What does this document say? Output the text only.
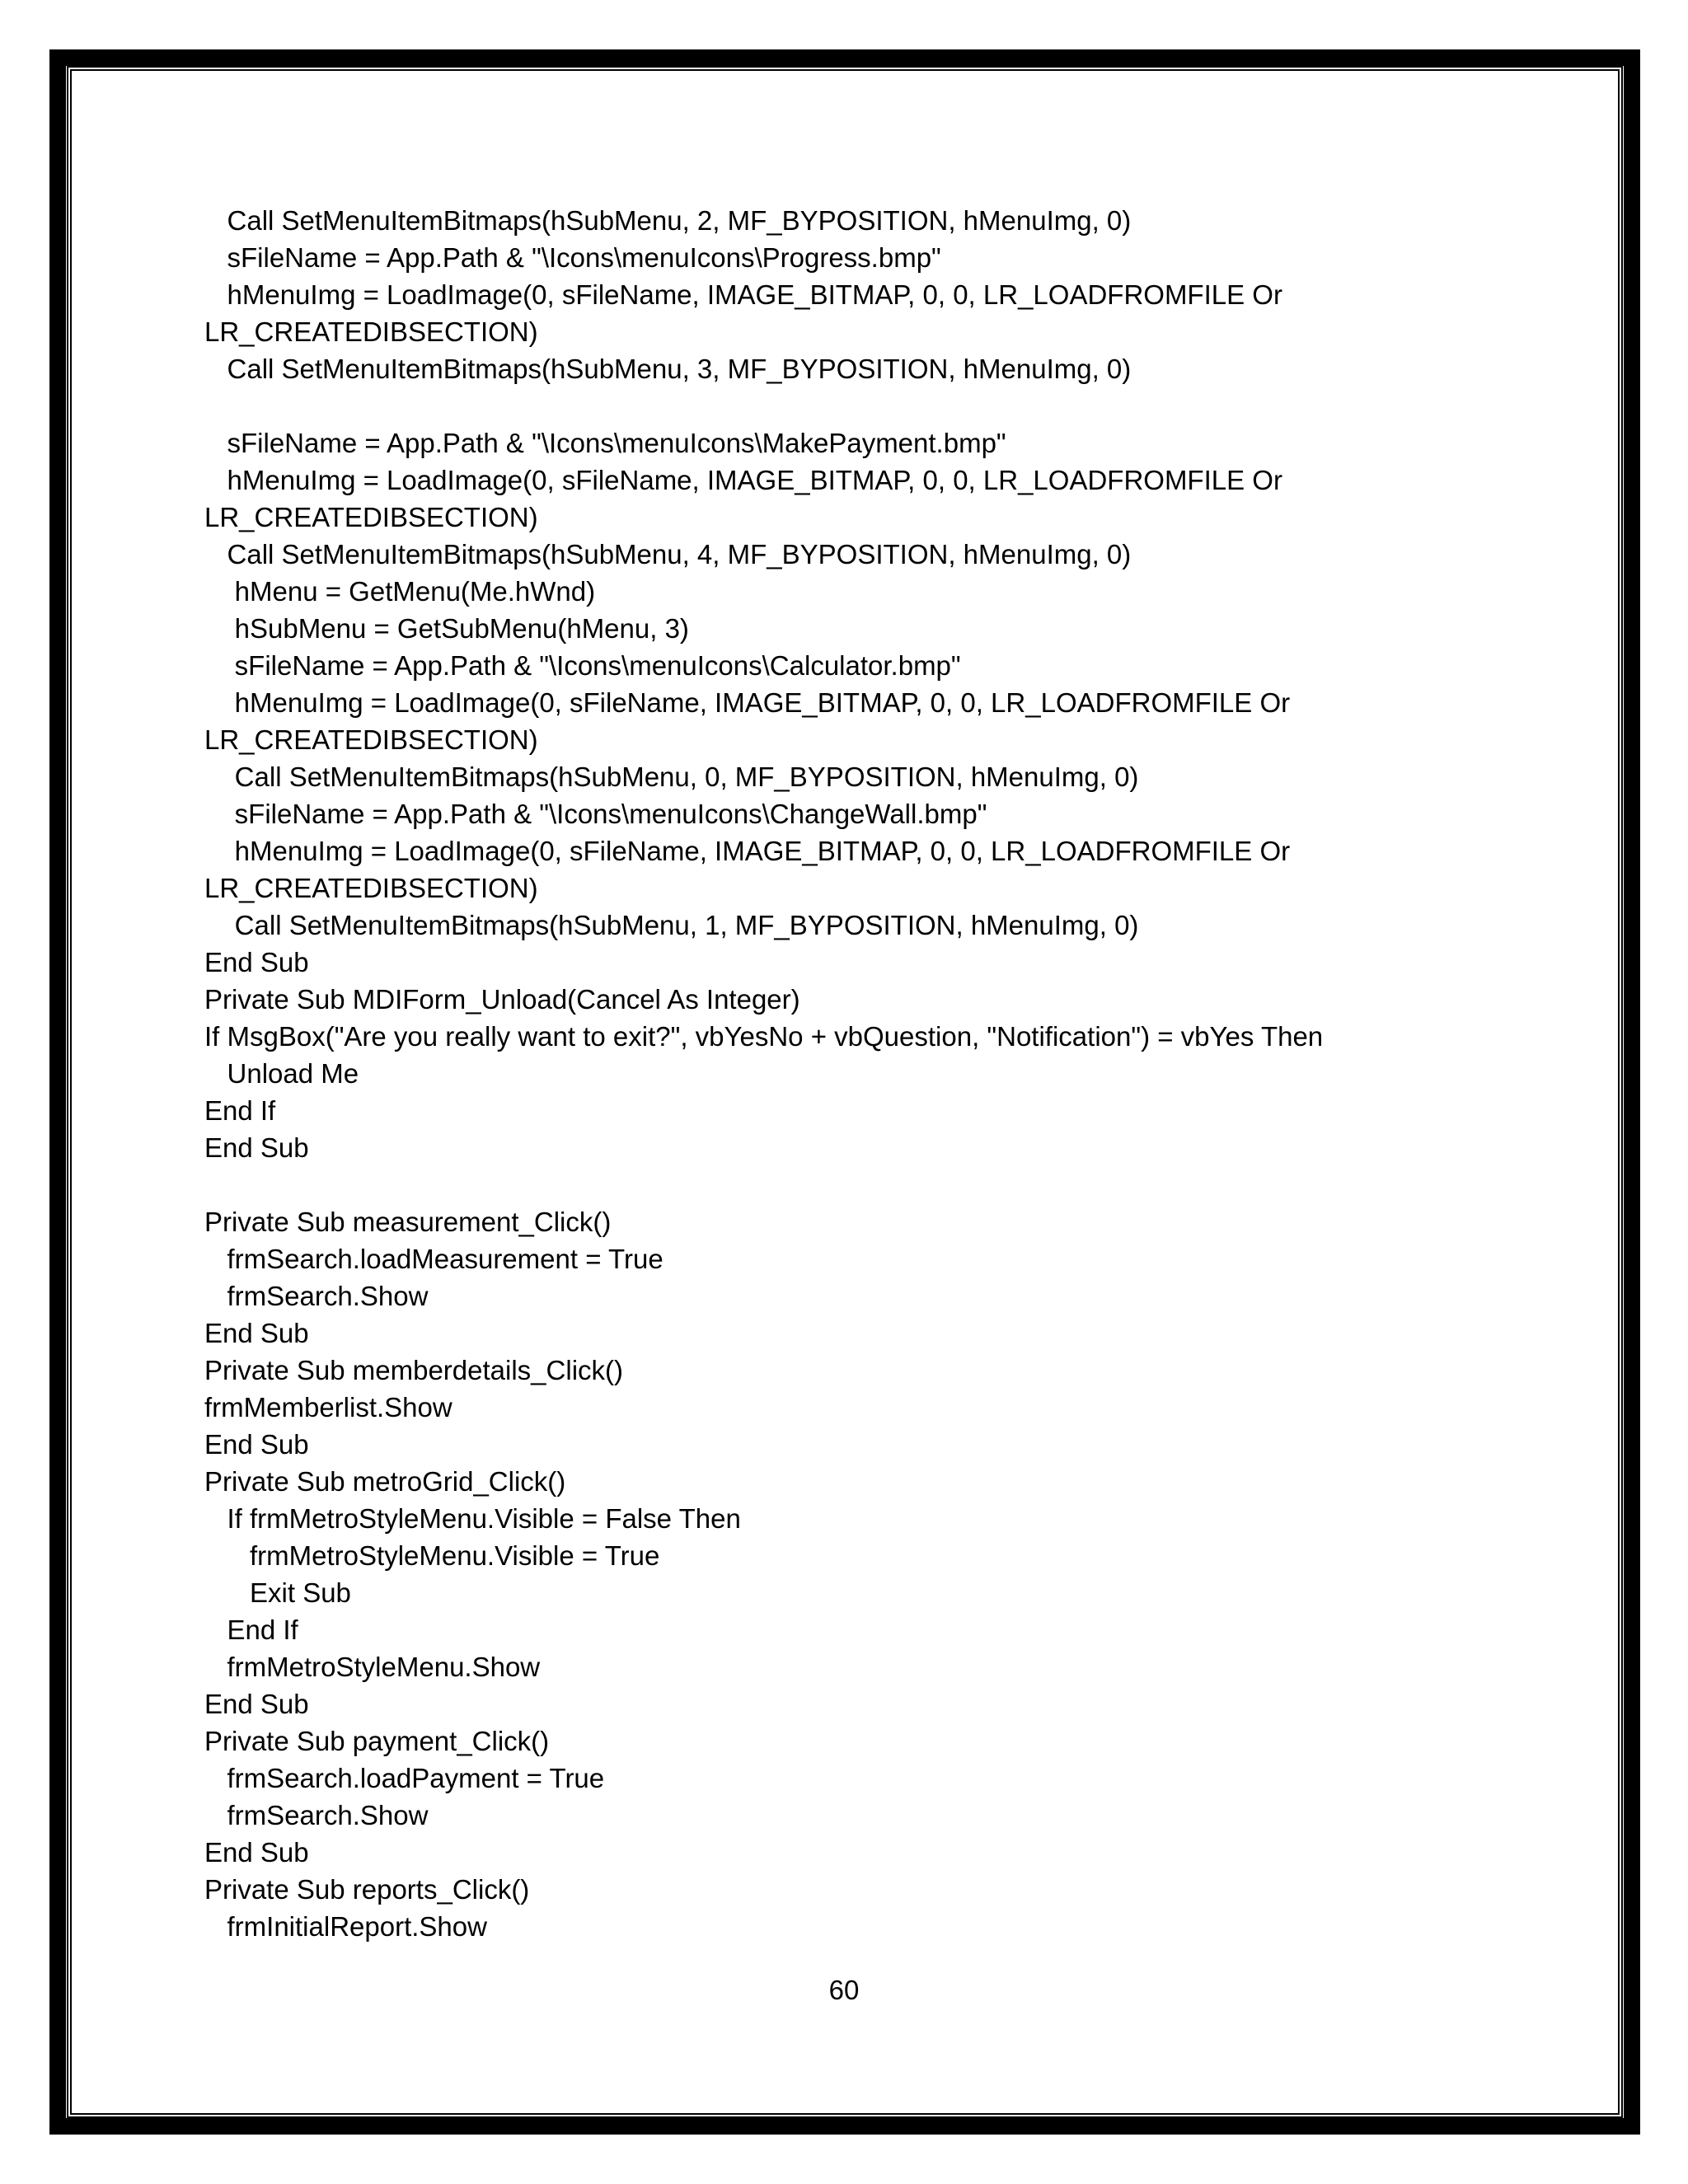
Call SetMenuItemBitmaps(hSubMenu, 2, MF_BYPOSITION, hMenuImg, 0)
sFileName = App.Path & "\Icons\menuIcons\Progress.bmp"
hMenuImg = LoadImage(0, sFileName, IMAGE_BITMAP, 0, 0, LR_LOADFROMFILE Or
LR_CREATEDIBSECTION)
Call SetMenuItemBitmaps(hSubMenu, 3, MF_BYPOSITION, hMenuImg, 0)
sFileName = App.Path & "\Icons\menuIcons\MakePayment.bmp"
hMenuImg = LoadImage(0, sFileName, IMAGE_BITMAP, 0, 0, LR_LOADFROMFILE Or
LR_CREATEDIBSECTION)
Call SetMenuItemBitmaps(hSubMenu, 4, MF_BYPOSITION, hMenuImg, 0)
hMenu = GetMenu(Me.hWnd)
hSubMenu = GetSubMenu(hMenu, 3)
sFileName = App.Path & "\Icons\menuIcons\Calculator.bmp"
hMenuImg = LoadImage(0, sFileName, IMAGE_BITMAP, 0, 0, LR_LOADFROMFILE Or
LR_CREATEDIBSECTION)
Call SetMenuItemBitmaps(hSubMenu, 0, MF_BYPOSITION, hMenuImg, 0)
sFileName = App.Path & "\Icons\menuIcons\ChangeWall.bmp"
hMenuImg = LoadImage(0, sFileName, IMAGE_BITMAP, 0, 0, LR_LOADFROMFILE Or
LR_CREATEDIBSECTION)
Call SetMenuItemBitmaps(hSubMenu, 1, MF_BYPOSITION, hMenuImg, 0)
End Sub
Private Sub MDIForm_Unload(Cancel As Integer)
If MsgBox("Are you really want to exit?", vbYesNo + vbQuestion, "Notification") = vbYes Then
Unload Me
End If
End Sub
Private Sub measurement_Click()
frmSearch.loadMeasurement = True
frmSearch.Show
End Sub
Private Sub memberdetails_Click()
frmMemberlist.Show
End Sub
Private Sub metroGrid_Click()
If frmMetroStyleMenu.Visible = False Then
frmMetroStyleMenu.Visible = True
Exit Sub
End If
frmMetroStyleMenu.Show
End Sub
Private Sub payment_Click()
frmSearch.loadPayment = True
frmSearch.Show
End Sub
Private Sub reports_Click()
frmInitialReport.Show
60
